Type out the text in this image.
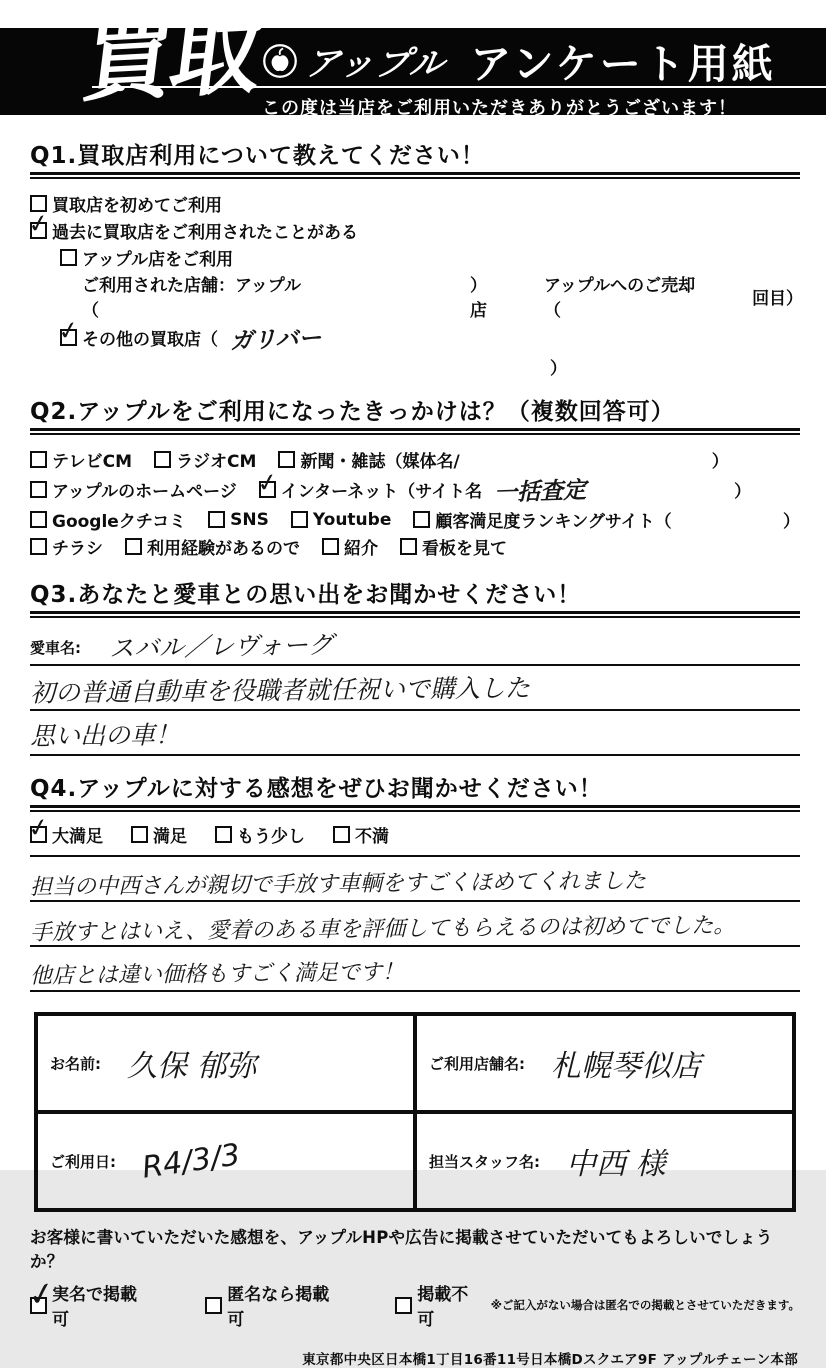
買取 アップル アンケート用紙
この度は当店をご利用いただきありがとうございます！
Q1.買取店利用について教えてください！
買取店を初めてご利用
✓
過去に買取店をご利用されたことがある
アップル店をご利用
ご利用された店舗：アップル（
）店
アップルへのご売却（
回目）
✓
その他の買取店（ ガリバー
）
Q2.アップルをご利用になったきっかけは？（複数回答可）
テレビCM	ラジオCM	新聞・雑誌（媒体名/	）
アップルのホームページ ✓	インターネット（サイト名 一括査定	）
Googleクチコミ	SNS	Youtube	顧客満足度ランキングサイト（	）
チラシ	利用経験があるので	紹介	看板を見て
Q3.あなたと愛車との思い出をお聞かせください！
愛車名: スバル／レヴォーグ
初の普通自動車を役職者就任祝いで購入した
思い出の車！
Q4.アップルに対する感想をぜひお聞かせください！
✓
大満足	満足	もう少し	不満
担当の中西さんが親切で手放す車輌をすごくほめてくれました
手放すとはいえ、愛着のある車を評価してもらえるのは初めてでした。
他店とは違い価格もすごく満足です！
お名前: 久保 郁弥	ご利用店舗名: 札幌琴似店

ご利用日: R4/3/3	担当スタッフ名: 中西 様
お客様に書いていただいた感想を、アップルHPや広告に掲載させていただいてもよろしいでしょうか？
✓
実名で掲載可
匿名なら掲載可
掲載不可
※ご記入がない場合は匿名での掲載とさせていただきます。
東京都中央区日本橋1丁目16番11号日本橋Dスクエア9F アップルチェーン本部
